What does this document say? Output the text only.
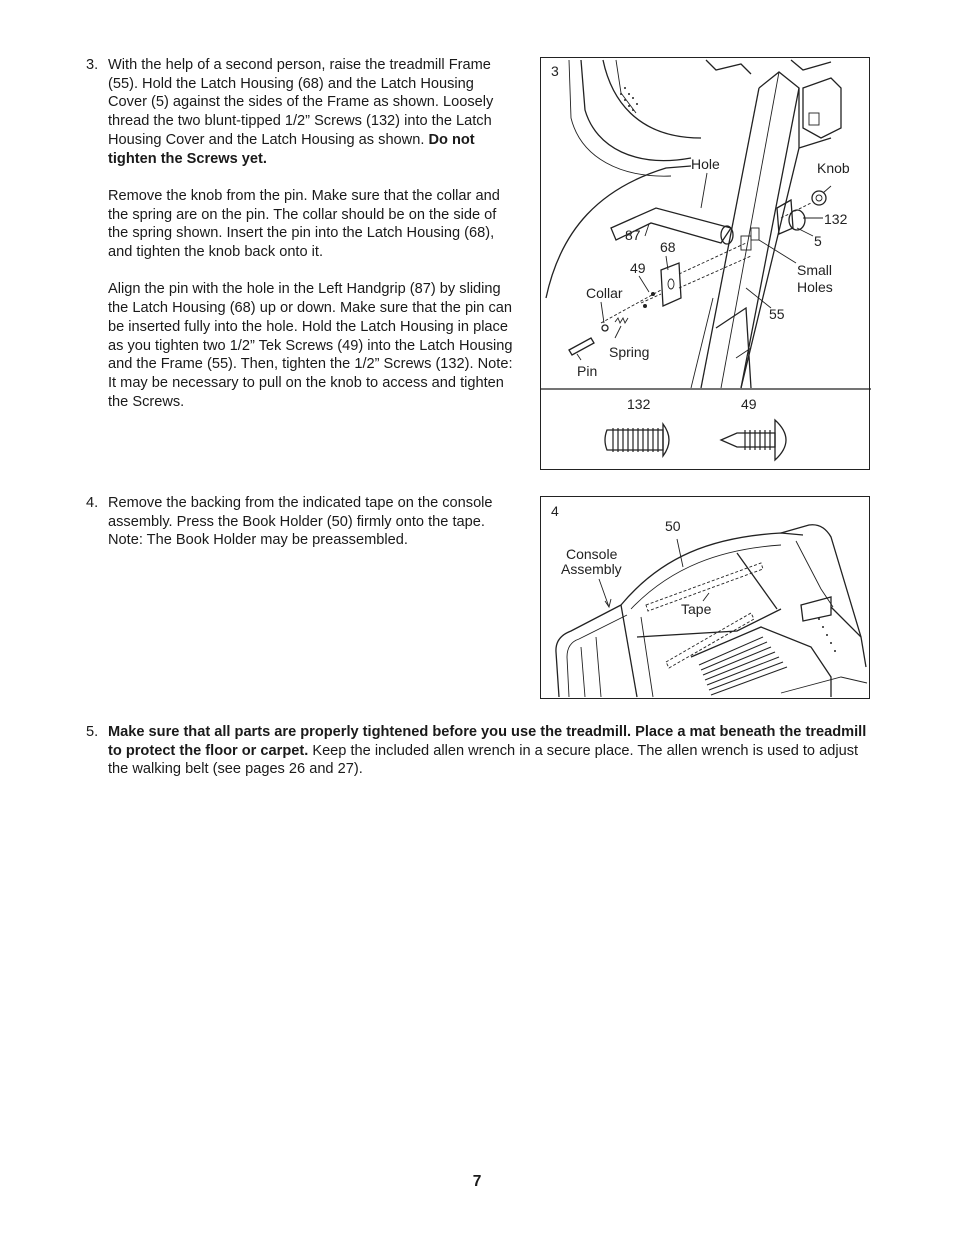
3. With the help of a second person, raise the treadmill Frame (55). Hold the Latch Housing (68) and the Latch Housing Cover (5) against the sides of the Frame as shown. Loosely thread the two blunt-tipped 1/2” Screws (132) into the Latch Housing Cover and the Latch Housing as shown. Do not tighten the Screws yet.

Remove the knob from the pin. Make sure that the collar and the spring are on the pin. The collar should be on the side of the spring shown. Insert the pin into the Latch Housing (68), and tighten the knob back onto it.

Align the pin with the hole in the Left Handgrip (87) by sliding the Latch Housing (68) up or down. Make sure that the pin can be inserted fully into the hole. Hold the Latch Housing in place as you tighten two 1/2” Tek Screws (49) into the Latch Housing and the Frame (55). Then, tighten the 1/2” Screws (132). Note: It may be necessary to pull on the knob to access and tighten the Screws.

3
Hole	Knob
132
87
68	5
49	Small
Holes
Collar
55
Spring
Pin
132	49
4. Remove the backing from the indicated tape on the console assembly. Press the Book Holder (50) firmly onto the tape. Note: The Book Holder may be preassembled.

4
50
Console
Assembly
Tape
5. Make sure that all parts are properly tightened before you use the treadmill. Place a mat beneath the treadmill to protect the floor or carpet. Keep the included allen wrench in a secure place. The allen wrench is used to adjust the walking belt (see pages 26 and 27).

7
